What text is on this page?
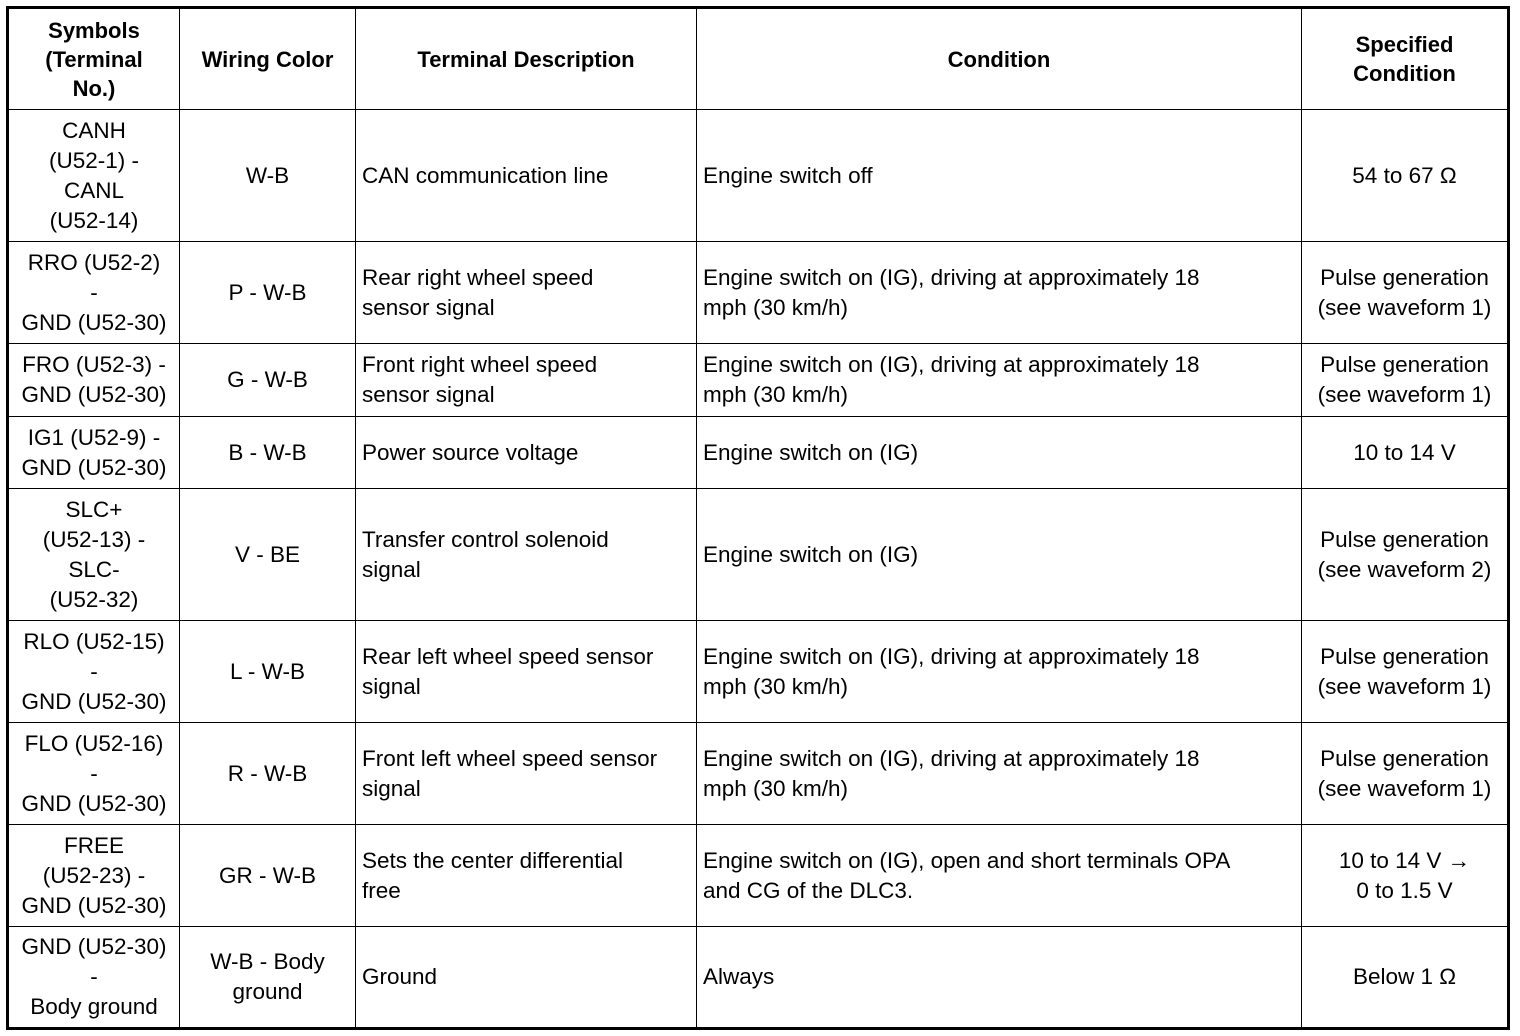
Symbols
(Terminal
No.)	Wiring Color	Terminal Description	Condition	Specified
Condition
CANH
(U52-1) -
CANL
(U52-14)	W-B	CAN communication line	Engine switch off	54 to 67 Ω
RRO (U52-2)
-
GND (U52-30)	P - W-B	Rear right wheel speed
sensor signal	Engine switch on (IG), driving at approximately 18
mph (30 km/h)	Pulse generation
(see waveform 1)
FRO (U52-3) -
GND (U52-30)	G - W-B	Front right wheel speed
sensor signal	Engine switch on (IG), driving at approximately 18
mph (30 km/h)	Pulse generation
(see waveform 1)
IG1 (U52-9) -
GND (U52-30)	B - W-B	Power source voltage	Engine switch on (IG)	10 to 14 V
SLC+
(U52-13) -
SLC-
(U52-32)	V - BE	Transfer control solenoid
signal	Engine switch on (IG)	Pulse generation
(see waveform 2)
RLO (U52-15)
-
GND (U52-30)	L - W-B	Rear left wheel speed sensor
signal	Engine switch on (IG), driving at approximately 18
mph (30 km/h)	Pulse generation
(see waveform 1)
FLO (U52-16)
-
GND (U52-30)	R - W-B	Front left wheel speed sensor
signal	Engine switch on (IG), driving at approximately 18
mph (30 km/h)	Pulse generation
(see waveform 1)
FREE
(U52-23) -
GND (U52-30)	GR - W-B	Sets the center differential
free	Engine switch on (IG), open and short terminals OPA
and CG of the DLC3.	10 to 14 V →
0 to 1.5 V
GND (U52-30)
-
Body ground	W-B - Body
ground	Ground	Always	Below 1 Ω
